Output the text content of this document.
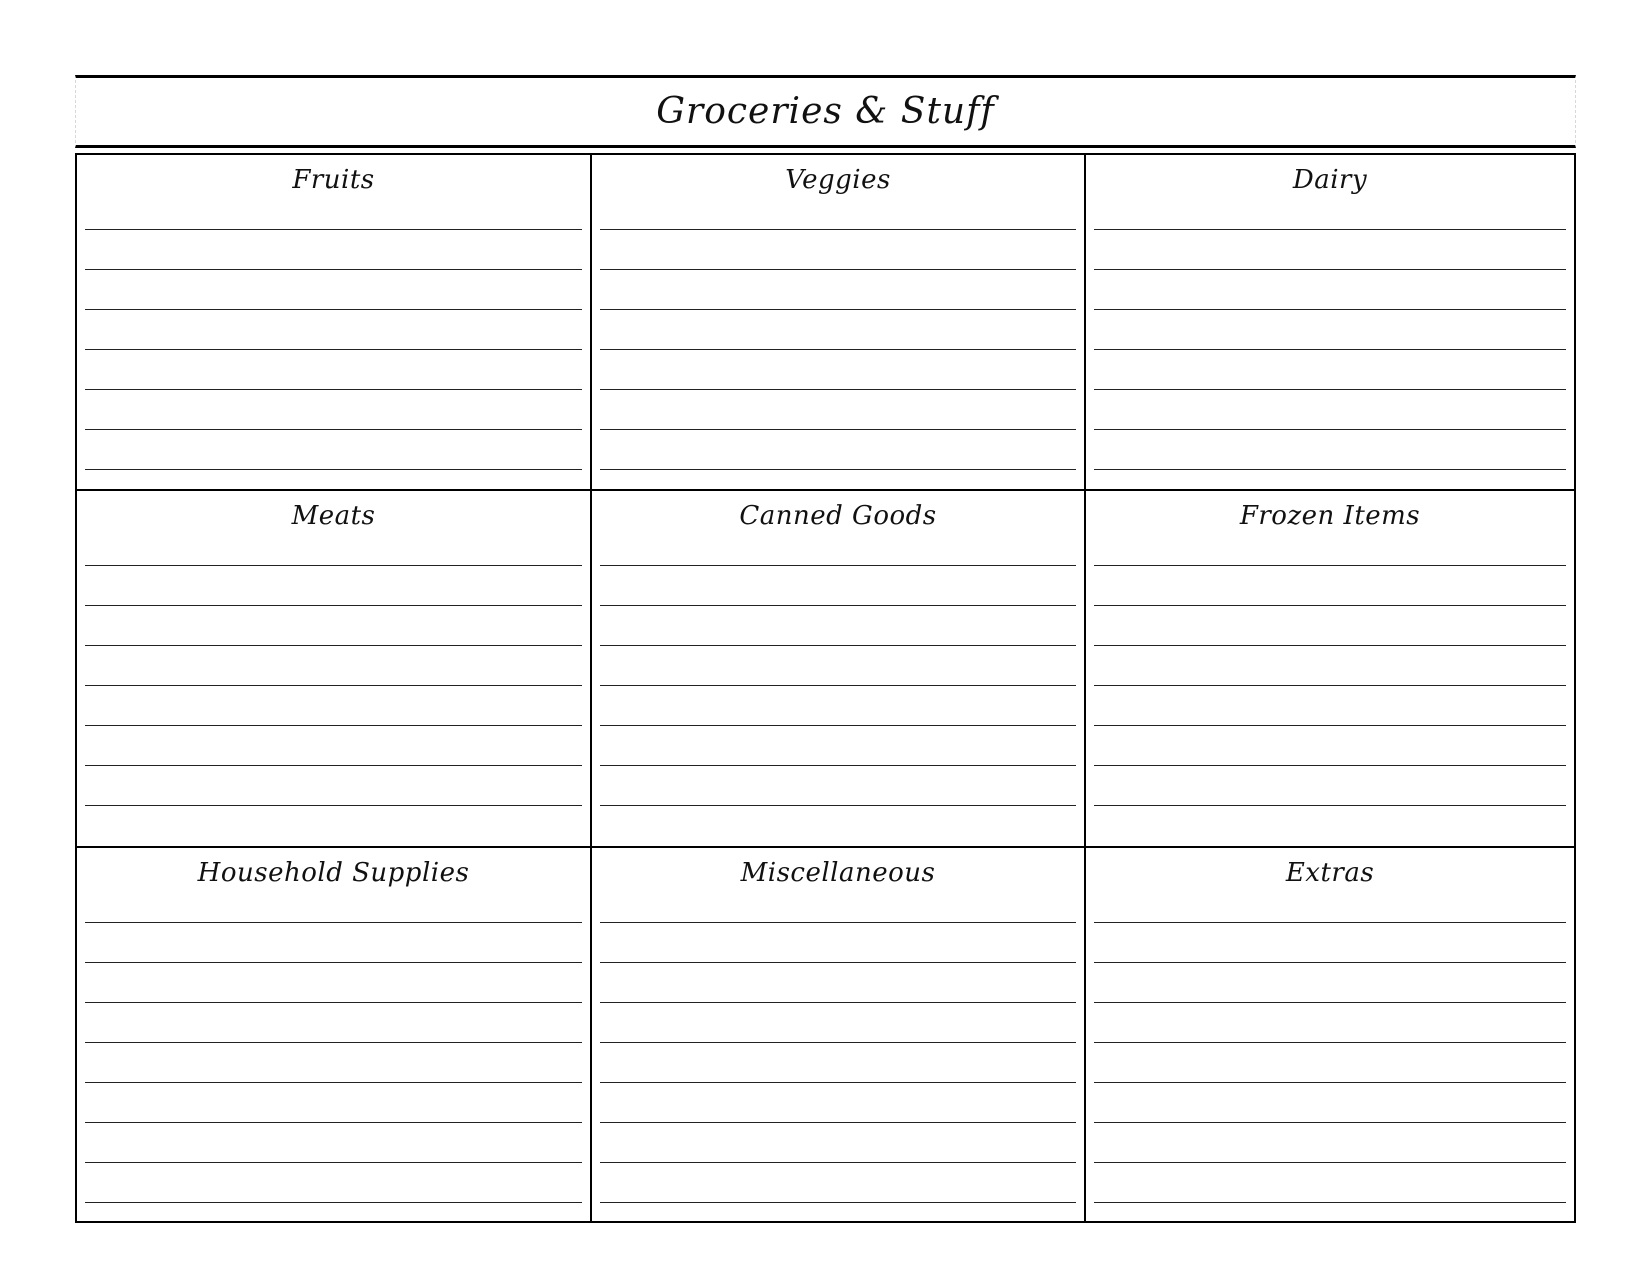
Groceries & Stuff
Fruits	Veggies	Dairy
Meats	Canned Goods	Frozen Items
Household Supplies	Miscellaneous	Extras
